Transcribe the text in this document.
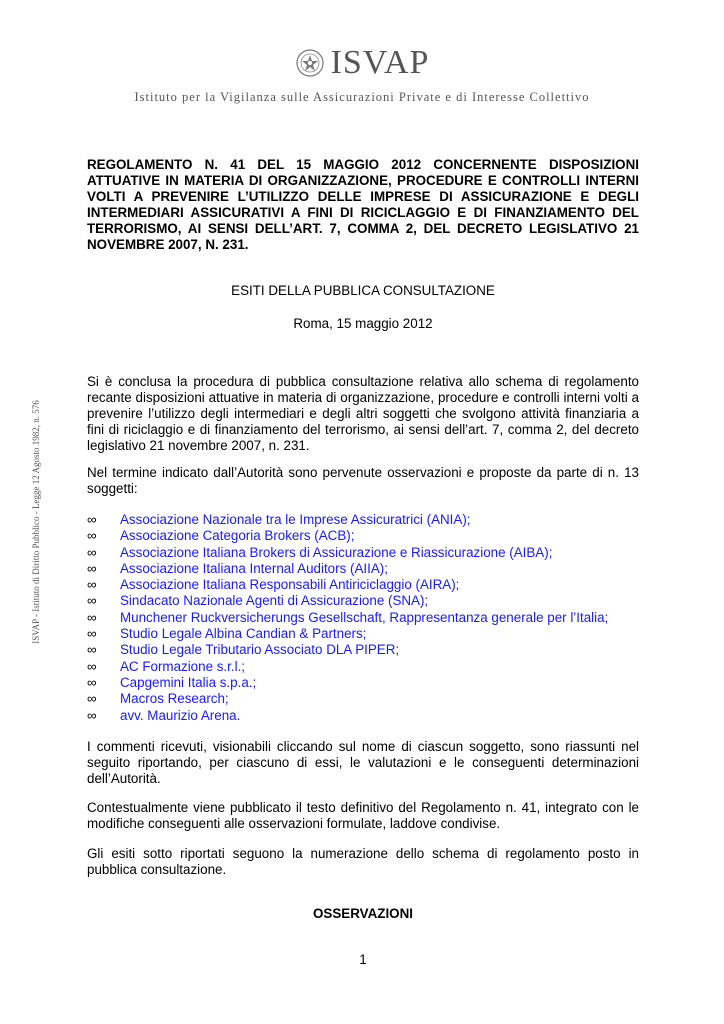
ISVAP
Istituto per la Vigilanza sulle Assicurazioni Private e di Interesse Collettivo
ISVAP - Istituto di Diritto Pubblico - Legge 12 Agosto 1982, n. 576
REGOLAMENTO N. 41 DEL 15 MAGGIO 2012 CONCERNENTE DISPOSIZIONI ATTUATIVE IN MATERIA DI ORGANIZZAZIONE, PROCEDURE E CONTROLLI INTERNI VOLTI A PREVENIRE L’UTILIZZO DELLE IMPRESE DI ASSICURAZIONE E DEGLI INTERMEDIARI ASSICURATIVI A FINI DI RICICLAGGIO E DI FINANZIAMENTO DEL TERRORISMO, AI SENSI DELL’ART. 7, COMMA 2, DEL DECRETO LEGISLATIVO 21 NOVEMBRE 2007, N. 231.
ESITI DELLA PUBBLICA CONSULTAZIONE
Roma, 15 maggio 2012
Si è conclusa la procedura di pubblica consultazione relativa allo schema di regolamento recante disposizioni attuative in materia di organizzazione, procedure e controlli interni volti a prevenire l’utilizzo degli intermediari e degli altri soggetti che svolgono attività finanziaria a fini di riciclaggio e di finanziamento del terrorismo, ai sensi dell’art. 7, comma 2, del decreto legislativo 21 novembre 2007, n. 231.
Nel termine indicato dall’Autorità sono pervenute osservazioni e proposte da parte di n. 13 soggetti:
∞ Associazione Nazionale tra le Imprese Assicuratrici (ANIA);
∞ Associazione Categoria Brokers (ACB);
∞ Associazione Italiana Brokers di Assicurazione e Riassicurazione (AIBA);
∞ Associazione Italiana Internal Auditors (AIIA);
∞ Associazione Italiana Responsabili Antiriciclaggio (AIRA);
∞ Sindacato Nazionale Agenti di Assicurazione (SNA);
∞ Munchener Ruckversicherungs Gesellschaft, Rappresentanza generale per l’Italia;
∞ Studio Legale Albina Candian & Partners;
∞ Studio Legale Tributario Associato DLA PIPER;
∞ AC Formazione s.r.l.;
∞ Capgemini Italia s.p.a.;
∞ Macros Research;
∞ avv. Maurizio Arena.
I commenti ricevuti, visionabili cliccando sul nome di ciascun soggetto, sono riassunti nel seguito riportando, per ciascuno di essi, le valutazioni e le conseguenti determinazioni dell’Autorità.
Contestualmente viene pubblicato il testo definitivo del Regolamento n. 41, integrato con le modifiche conseguenti alle osservazioni formulate, laddove condivise.
Gli esiti sotto riportati seguono la numerazione dello schema di regolamento posto in pubblica consultazione.
OSSERVAZIONI
1
